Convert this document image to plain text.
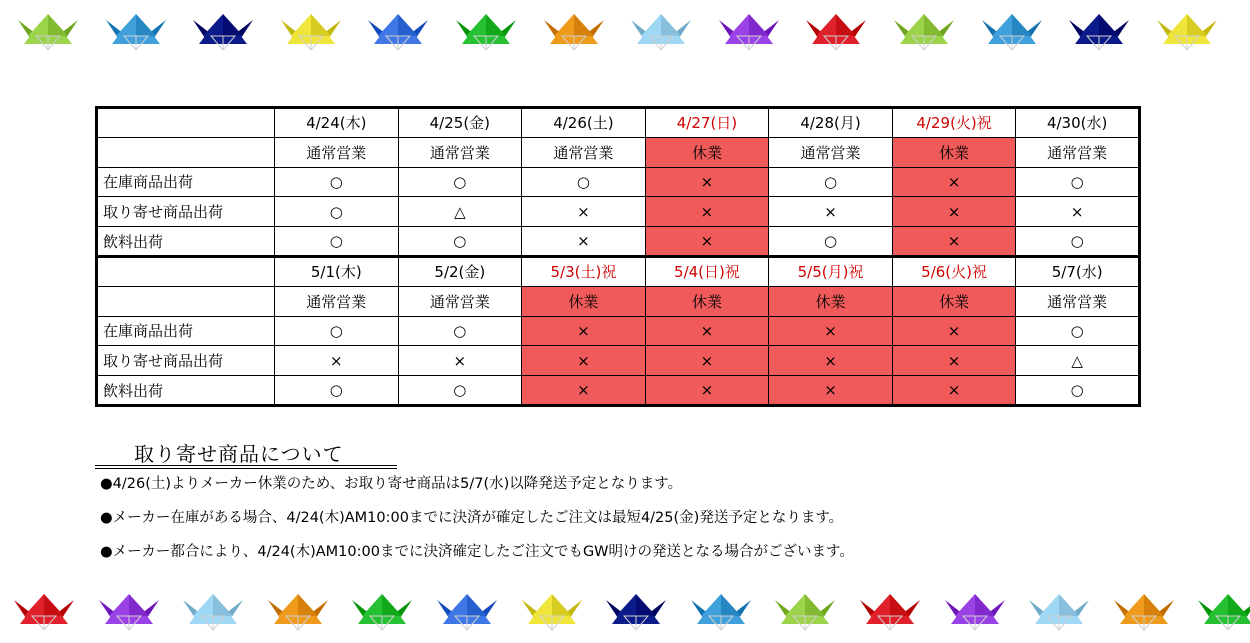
	4/24(木)	4/25(金)	4/26(土)	4/27(日)	4/28(月)	4/29(火)祝	4/30(水)
	通常営業	通常営業	通常営業	休業	通常営業	休業	通常営業
在庫商品出荷	○	○	○	×	○	×	○
取り寄せ商品出荷	○	△	×	×	×	×	×
飲料出荷	○	○	×	×	○	×	○
	5/1(木)	5/2(金)	5/3(土)祝	5/4(日)祝	5/5(月)祝	5/6(火)祝	5/7(水)
	通常営業	通常営業	休業	休業	休業	休業	通常営業
在庫商品出荷	○	○	×	×	×	×	○
取り寄せ商品出荷	×	×	×	×	×	×	△
飲料出荷	○	○	×	×	×	×	○
取り寄せ商品について
●4/26(土)よりメーカー休業のため、お取り寄せ商品は5/7(水)以降発送予定となります。
●メーカー在庫がある場合、4/24(木)AM10:00までに決済が確定したご注文は最短4/25(金)発送予定となります。
●メーカー都合により、4/24(木)AM10:00までに決済確定したご注文でもGW明けの発送となる場合がございます。
